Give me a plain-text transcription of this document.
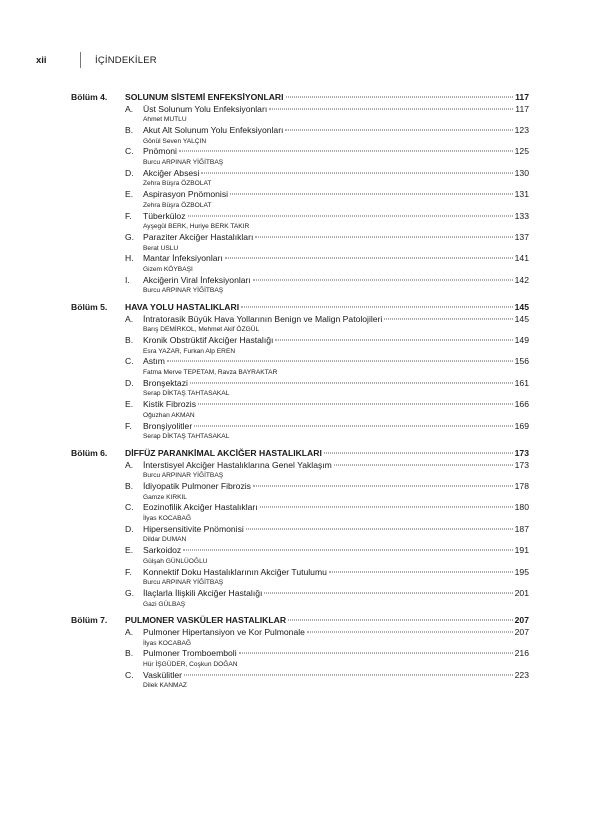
xii	İÇİNDEKİLER
Bölüm 4.	SOLUNUM SİSTEMİ ENFEKSİYONLARI	117
A.	Üst Solunum Yolu Enfeksiyonları	117
Ahmet MUTLU
B.	Akut Alt Solunum Yolu Enfeksiyonları	123
Gönül Seven YALÇIN
C.	Pnömoni	125
Burcu ARPINAR YİĞİTBAŞ
D.	Akciğer Absesi	130
Zehra Büşra ÖZBOLAT
E.	Aspirasyon Pnömonisi	131
Zehra Büşra ÖZBOLAT
F.	Tüberküloz	133
Ayşegül BERK, Huriye BERK TAKIR
G.	Paraziter Akciğer Hastalıkları	137
Berat USLU
H.	Mantar İnfeksiyonları	141
Gizem KÖYBAŞI
I.	Akciğerin Viral İnfeksiyonları	142
Burcu ARPINAR YİĞİTBAŞ
Bölüm 5.	HAVA YOLU HASTALIKLARI	145
A.	İntratorasik Büyük Hava Yollarının Benign ve Malign Patolojileri	145
Barış DEMİRKOL, Mehmet Akif ÖZGÜL
B.	Kronik Obstrüktif Akciğer Hastalığı	149
Esra YAZAR, Furkan Alp EREN
C.	Astım	156
Fatma Merve TEPETAM, Ravza BAYRAKTAR
D.	Bronşektazi	161
Serap DİKTAŞ TAHTASAKAL
E.	Kistik Fibrozis	166
Oğuzhan AKMAN
F.	Bronşiyolitler	169
Serap DİKTAŞ TAHTASAKAL
Bölüm 6.	DİFFÜZ PARANKİMAL AKCİĞER HASTALIKLARI	173
A.	İnterstisyel Akciğer Hastalıklarına Genel Yaklaşım	173
Burcu ARPINAR YİĞİTBAŞ
B.	İdiyopatik Pulmoner Fibrozis	178
Gamze KIRKIL
C.	Eozinofilik Akciğer Hastalıkları	180
İlyas KOCABAĞ
D.	Hipersensitivite Pnömonisi	187
Dildar DUMAN
E.	Sarkoidoz	191
Gülşah GÜNLÜOĞLU
F.	Konnektif Doku Hastalıklarının Akciğer Tutulumu	195
Burcu ARPINAR YİĞİTBAŞ
G.	İlaçlarla İlişkili Akciğer Hastalığı	201
Gazi GÜLBAŞ
Bölüm 7.	PULMONER VASKÜLER HASTALIKLAR	207
A.	Pulmoner Hipertansiyon ve Kor Pulmonale	207
İlyas KOCABAĞ
B.	Pulmoner Tromboemboli	216
Hür İŞGÜDER, Coşkun DOĞAN
C.	Vaskülitler	223
Dilek KANMAZ
